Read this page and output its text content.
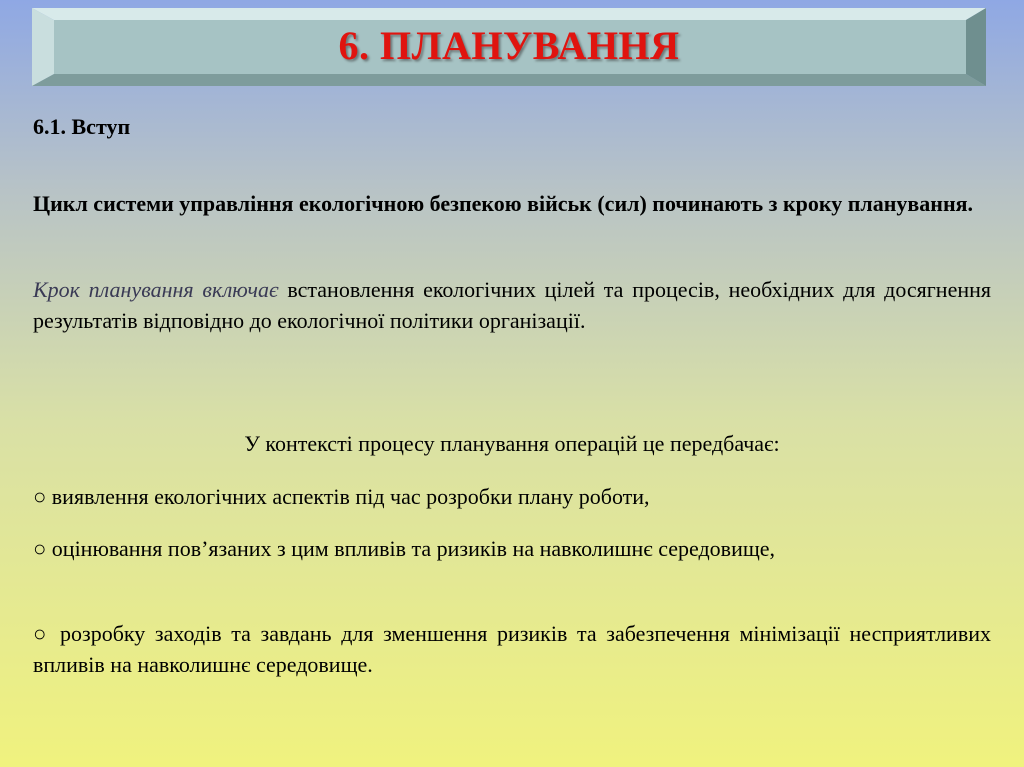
6. ПЛАНУВАННЯ
6.1. Вступ
Цикл системи управління екологічною безпекою військ (сил) починають з кроку планування.
Крок планування включає встановлення екологічних цілей та процесів, необхідних для досягнення результатів відповідно до екологічної політики організації.
У контексті процесу планування операцій це передбачає:
○ виявлення екологічних аспектів під час розробки плану роботи,
○ оцінювання пов’язаних з цим впливів та ризиків на навколишнє середовище,
○ розробку заходів та завдань для зменшення ризиків та забезпечення мінімізації несприятливих впливів на навколишнє середовище.
